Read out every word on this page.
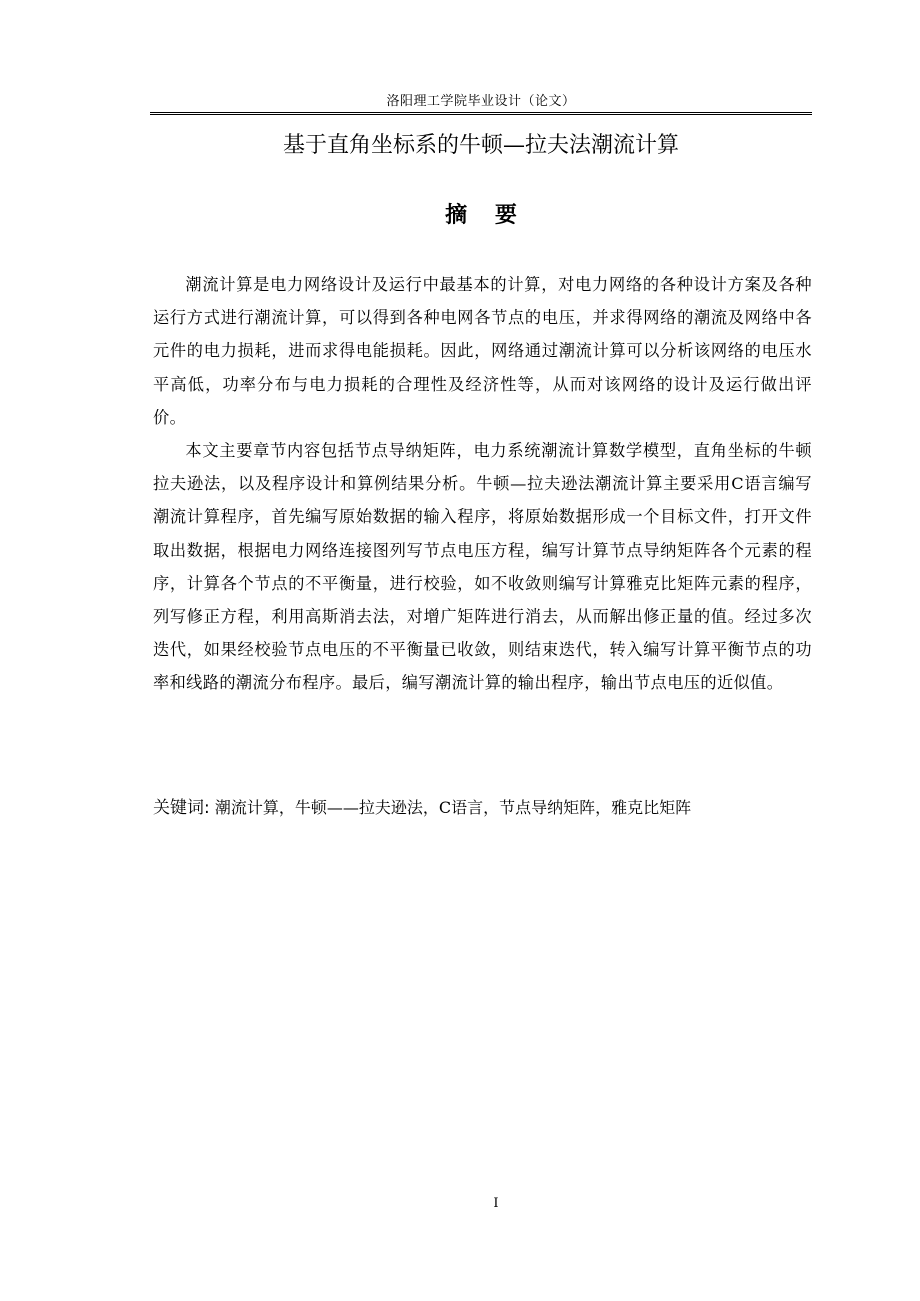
洛阳理工学院毕业设计（论文）
基于直角坐标系的牛顿—拉夫法潮流计算
摘 要

潮流计算是电力网络设计及运行中最基本的计算，对电力网络的各种设计方案及各种运行方式进行潮流计算，可以得到各种电网各节点的电压，并求得网络的潮流及网络中各元件的电力损耗，进而求得电能损耗。因此，网络通过潮流计算可以分析该网络的电压水平高低，功率分布与电力损耗的合理性及经济性等，从而对该网络的设计及运行做出评价。

本文主要章节内容包括节点导纳矩阵，电力系统潮流计算数学模型，直角坐标的牛顿拉夫逊法，以及程序设计和算例结果分析。牛顿—拉夫逊法潮流计算主要采用C语言编写潮流计算程序，首先编写原始数据的输入程序，将原始数据形成一个目标文件，打开文件取出数据，根据电力网络连接图列写节点电压方程，编写计算节点导纳矩阵各个元素的程序，计算各个节点的不平衡量，进行校验，如不收敛则编写计算雅克比矩阵元素的程序，列写修正方程，利用高斯消去法，对增广矩阵进行消去，从而解出修正量的值。经过多次迭代，如果经校验节点电压的不平衡量已收敛，则结束迭代，转入编写计算平衡节点的功率和线路的潮流分布程序。最后，编写潮流计算的输出程序，输出节点电压的近似值。

关键词: 潮流计算，牛顿——拉夫逊法，C语言，节点导纳矩阵，雅克比矩阵
I
